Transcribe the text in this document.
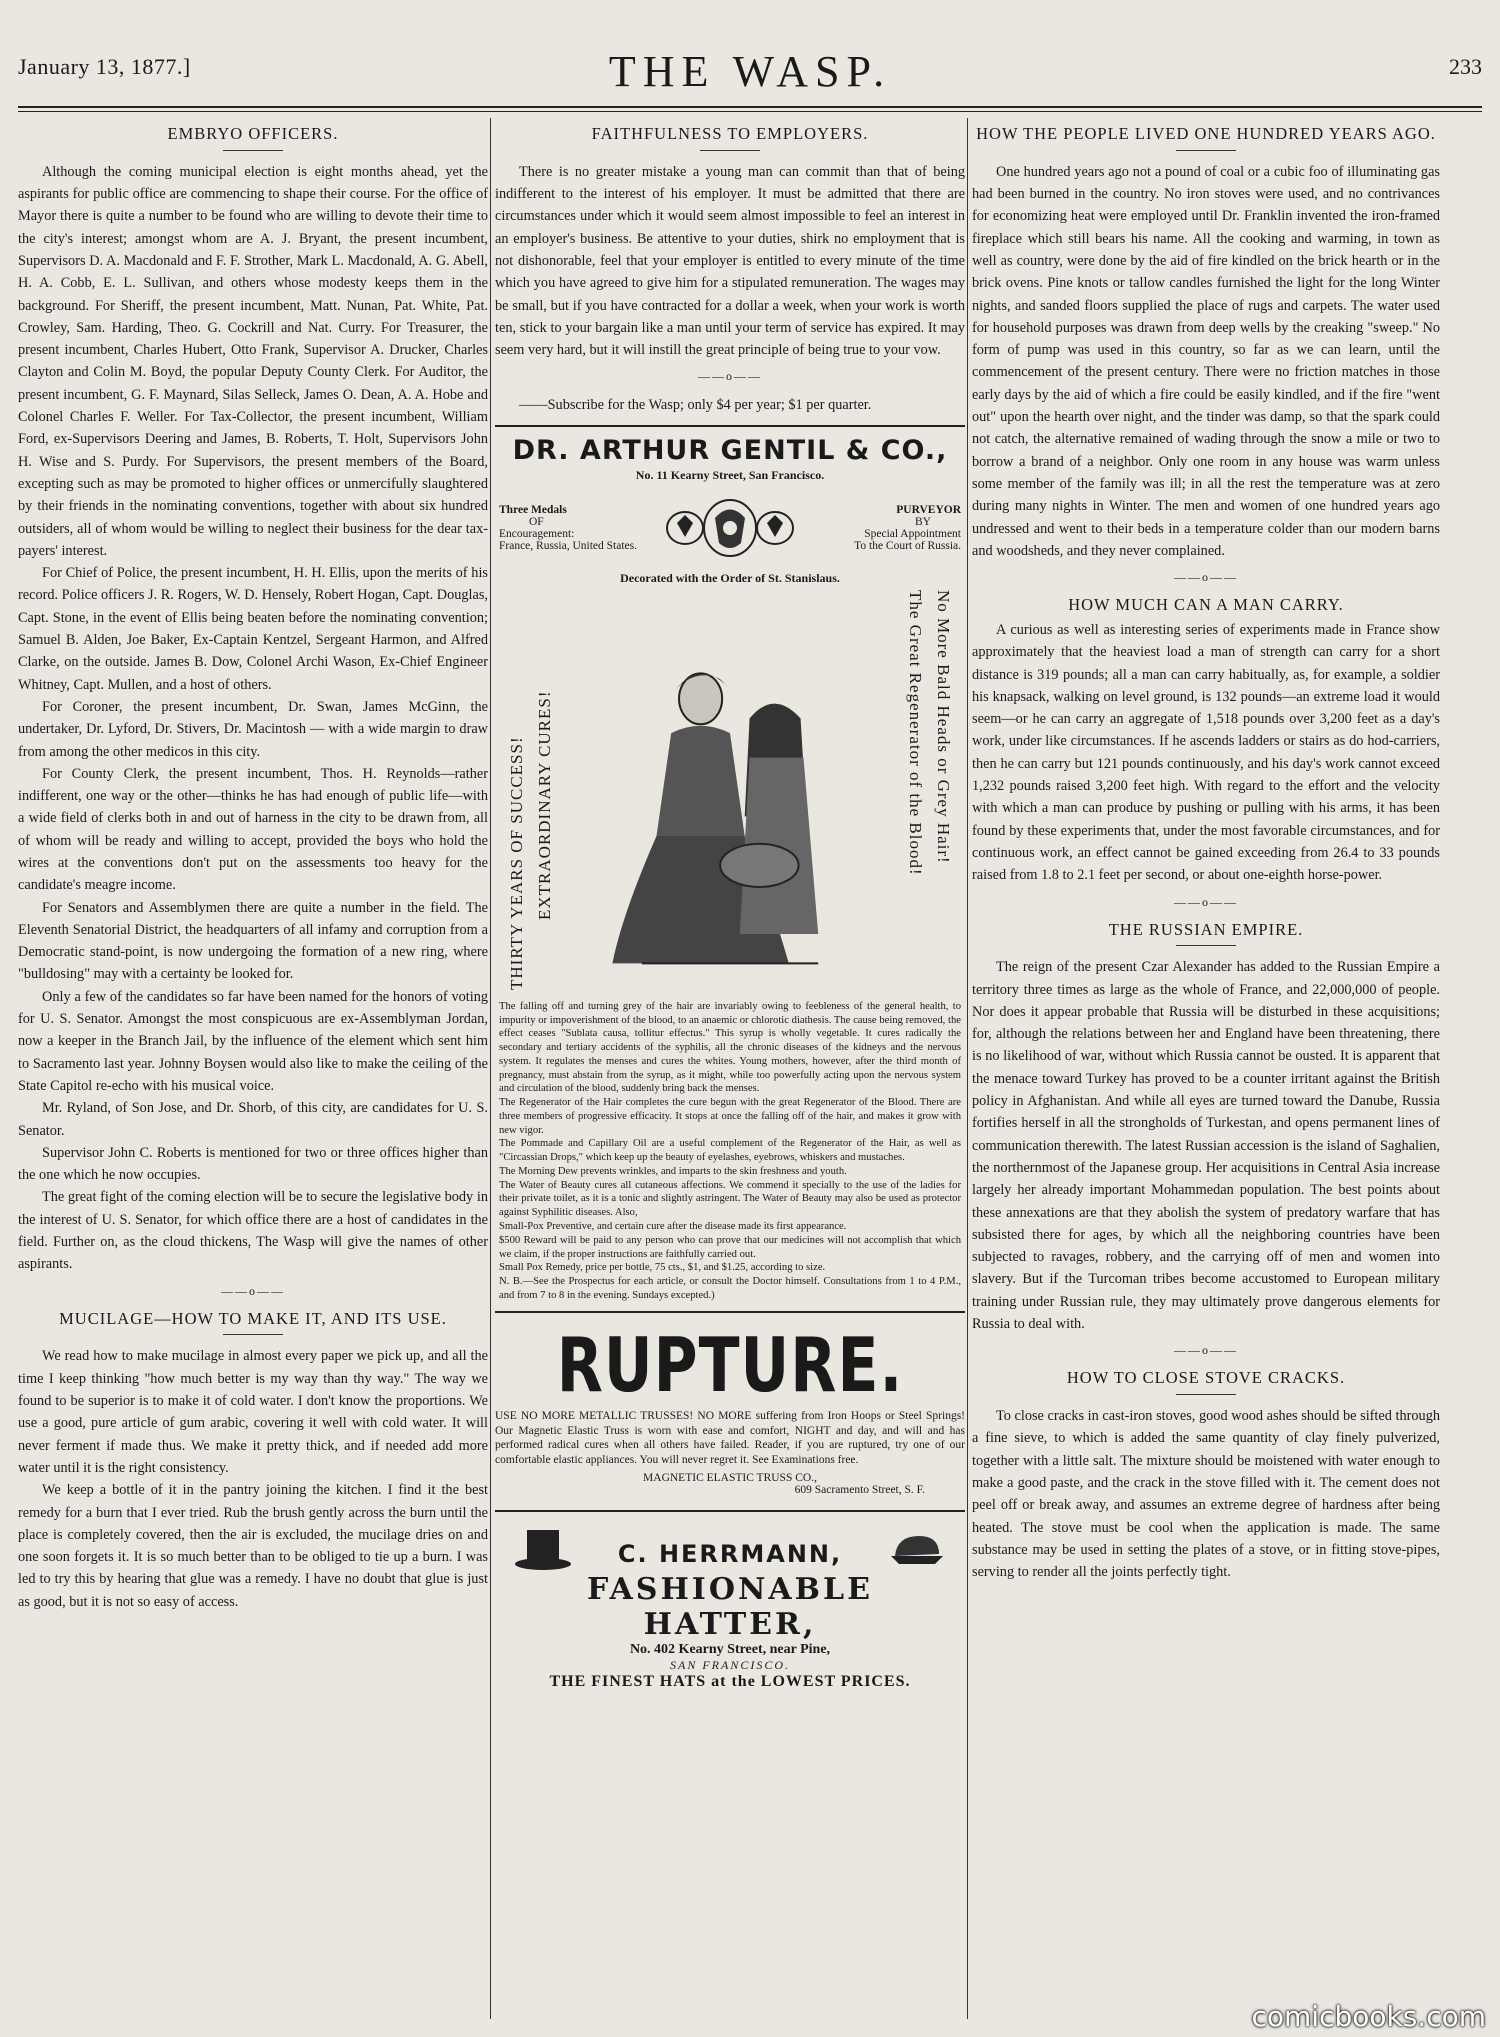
January 13, 1877.]	THE WASP.	233
EMBRYO OFFICERS.

Although the coming municipal election is eight months ahead, yet the aspirants for public office are commencing to shape their course. For the office of Mayor there is quite a number to be found who are willing to devote their time to the city's interest; amongst whom are A. J. Bryant, the present incumbent, Supervisors D. A. Macdonald and F. F. Strother, Mark L. Macdonald, A. G. Abell, H. A. Cobb, E. L. Sullivan, and others whose modesty keeps them in the background. For Sheriff, the present incumbent, Matt. Nunan, Pat. White, Pat. Crowley, Sam. Harding, Theo. G. Cockrill and Nat. Curry. For Treasurer, the present incumbent, Charles Hubert, Otto Frank, Supervisor A. Drucker, Charles Clayton and Colin M. Boyd, the popular Deputy County Clerk. For Auditor, the present incumbent, G. F. Maynard, Silas Selleck, James O. Dean, A. A. Hobe and Colonel Charles F. Weller. For Tax-Collector, the present incumbent, William Ford, ex-Supervisors Deering and James, B. Roberts, T. Holt, Supervisors John H. Wise and S. Purdy. For Supervisors, the present members of the Board, excepting such as may be promoted to higher offices or unmercifully slaughtered by their friends in the nominating conventions, together with about six hundred outsiders, all of whom would be willing to neglect their business for the dear tax-payers' interest.

For Chief of Police, the present incumbent, H. H. Ellis, upon the merits of his record. Police officers J. R. Rogers, W. D. Hensely, Robert Hogan, Capt. Douglas, Capt. Stone, in the event of Ellis being beaten before the nominating convention; Samuel B. Alden, Joe Baker, Ex-Captain Kentzel, Sergeant Harmon, and Alfred Clarke, on the outside. James B. Dow, Colonel Archi Wason, Ex-Chief Engineer Whitney, Capt. Mullen, and a host of others.

For Coroner, the present incumbent, Dr. Swan, James McGinn, the undertaker, Dr. Lyford, Dr. Stivers, Dr. Macintosh — with a wide margin to draw from among the other medicos in this city.

For County Clerk, the present incumbent, Thos. H. Reynolds—rather indifferent, one way or the other—thinks he has had enough of public life—with a wide field of clerks both in and out of harness in the city to be drawn from, all of whom will be ready and willing to accept, provided the boys who hold the wires at the conventions don't put on the assessments too heavy for the candidate's meagre income.

For Senators and Assemblymen there are quite a number in the field. The Eleventh Senatorial District, the headquarters of all infamy and corruption from a Democratic stand-point, is now undergoing the formation of a new ring, where "bulldosing" may with a certainty be looked for.

Only a few of the candidates so far have been named for the honors of voting for U. S. Senator. Amongst the most conspicuous are ex-Assemblyman Jordan, now a keeper in the Branch Jail, by the influence of the element which sent him to Sacramento last year. Johnny Boysen would also like to make the ceiling of the State Capitol re-echo with his musical voice.

Mr. Ryland, of Son Jose, and Dr. Shorb, of this city, are candidates for U. S. Senator.

Supervisor John C. Roberts is mentioned for two or three offices higher than the one which he now occupies.

The great fight of the coming election will be to secure the legislative body in the interest of U. S. Senator, for which office there are a host of candidates in the field. Further on, as the cloud thickens, The Wasp will give the names of other aspirants.

——o——
MUCILAGE—HOW TO MAKE IT, AND ITS USE.

We read how to make mucilage in almost every paper we pick up, and all the time I keep thinking "how much better is my way than thy way." The way we found to be superior is to make it of cold water. I don't know the proportions. We use a good, pure article of gum arabic, covering it well with cold water. It will never ferment if made thus. We make it pretty thick, and if needed add more water until it is the right consistency.

We keep a bottle of it in the pantry joining the kitchen. I find it the best remedy for a burn that I ever tried. Rub the brush gently across the burn until the place is completely covered, then the air is excluded, the mucilage dries on and one soon forgets it. It is so much better than to be obliged to tie up a burn. I was led to try this by hearing that glue was a remedy. I have no doubt that glue is just as good, but it is not so easy of access.

FAITHFULNESS TO EMPLOYERS.

There is no greater mistake a young man can commit than that of being indifferent to the interest of his employer. It must be admitted that there are circumstances under which it would seem almost impossible to feel an interest in an employer's business. Be attentive to your duties, shirk no employment that is not dishonorable, feel that your employer is entitled to every minute of the time which you have agreed to give him for a stipulated remuneration. The wages may be small, but if you have contracted for a dollar a week, when your work is worth ten, stick to your bargain like a man until your term of service has expired. It may seem very hard, but it will instill the great principle of being true to your vow.

——o——

——Subscribe for the Wasp; only $4 per year; $1 per quarter.

DR. ARTHUR GENTIL & CO.,
No. 11 Kearny Street, San Francisco.
Three Medals
OF
Encouragement:
France, Russia, United States.
PURVEYOR
BY
Special Appointment
To the Court of Russia.
Decorated with the Order of St. Stanislaus.
THIRTY YEARS OF SUCCESS! EXTRAORDINARY CURES!	No More Bald Heads or Grey Hair!
The Great Regenerator of the Blood!

The falling off and turning grey of the hair are invariably owing to feebleness of the general health, to impurity or impoverishment of the blood, to an anaemic or chlorotic diathesis. The cause being removed, the effect ceases "Sublata causa, tollitur effectus." This syrup is wholly vegetable. It cures radically the secondary and tertiary accidents of the syphilis, all the chronic diseases of the kidneys and the nervous system. It regulates the menses and cures the whites. Young mothers, however, after the third month of pregnancy, must abstain from the syrup, as it might, while too powerfully acting upon the nervous system and circulation of the blood, suddenly bring back the menses.

The Regenerator of the Hair completes the cure begun with the great Regenerator of the Blood. There are three members of progressive efficacity. It stops at once the falling off of the hair, and makes it grow with new vigor.

The Pommade and Capillary Oil are a useful complement of the Regenerator of the Hair, as well as "Circassian Drops," which keep up the beauty of eyelashes, eyebrows, whiskers and mustaches.

The Morning Dew prevents wrinkles, and imparts to the skin freshness and youth.

The Water of Beauty cures all cutaneous affections. We commend it specially to the use of the ladies for their private toilet, as it is a tonic and slightly astringent. The Water of Beauty may also be used as protector against Syphilitic diseases. Also,

Small-Pox Preventive, and certain cure after the disease made its first appearance.

$500 Reward will be paid to any person who can prove that our medicines will not accomplish that which we claim, if the proper instructions are faithfully carried out.

Small Pox Remedy, price per bottle, 75 cts., $1, and $1.25, according to size.

N. B.—See the Prospectus for each article, or consult the Doctor himself. Consultations from 1 to 4 P.M., and from 7 to 8 in the evening. Sundays excepted.)

RUPTURE.
USE NO MORE METALLIC TRUSSES! NO MORE suffering from Iron Hoops or Steel Springs! Our Magnetic Elastic Truss is worn with ease and comfort, NIGHT and day, and will and has performed radical cures when all others have failed. Reader, if you are ruptured, try one of our comfortable elastic appliances. You will never regret it. See Examinations free.
MAGNETIC ELASTIC TRUSS CO.,
609 Sacramento Street, S. F.
C. HERRMANN,
FASHIONABLE HATTER,
No. 402 Kearny Street, near Pine,
SAN FRANCISCO.
THE FINEST HATS at the LOWEST PRICES.
HOW THE PEOPLE LIVED ONE HUNDRED YEARS AGO.

One hundred years ago not a pound of coal or a cubic foo of illuminating gas had been burned in the country. No iron stoves were used, and no contrivances for economizing heat were employed until Dr. Franklin invented the iron-framed fireplace which still bears his name. All the cooking and warming, in town as well as country, were done by the aid of fire kindled on the brick hearth or in the brick ovens. Pine knots or tallow candles furnished the light for the long Winter nights, and sanded floors supplied the place of rugs and carpets. The water used for household purposes was drawn from deep wells by the creaking "sweep." No form of pump was used in this country, so far as we can learn, until the commencement of the present century. There were no friction matches in those early days by the aid of which a fire could be easily kindled, and if the fire "went out" upon the hearth over night, and the tinder was damp, so that the spark could not catch, the alternative remained of wading through the snow a mile or two to borrow a brand of a neighbor. Only one room in any house was warm unless some member of the family was ill; in all the rest the temperature was at zero during many nights in Winter. The men and women of one hundred years ago undressed and went to their beds in a temperature colder than our modern barns and woodsheds, and they never complained.

——o——
HOW MUCH CAN A MAN CARRY.

A curious as well as interesting series of experiments made in France show approximately that the heaviest load a man of strength can carry for a short distance is 319 pounds; all a man can carry habitually, as, for example, a soldier his knapsack, walking on level ground, is 132 pounds—an extreme load it would seem—or he can carry an aggregate of 1,518 pounds over 3,200 feet as a day's work, under like circumstances. If he ascends ladders or stairs as do hod-carriers, then he can carry but 121 pounds continuously, and his day's work cannot exceed 1,232 pounds raised 3,200 feet high. With regard to the effort and the velocity with which a man can produce by pushing or pulling with his arms, it has been found by these experiments that, under the most favorable circumstances, and for continuous work, an effect cannot be gained exceeding from 26.4 to 33 pounds raised from 1.8 to 2.1 feet per second, or about one-eighth horse-power.

——o——
THE RUSSIAN EMPIRE.

The reign of the present Czar Alexander has added to the Russian Empire a territory three times as large as the whole of France, and 22,000,000 of people. Nor does it appear probable that Russia will be disturbed in these acquisitions; for, although the relations between her and England have been threatening, there is no likelihood of war, without which Russia cannot be ousted. It is apparent that the menace toward Turkey has proved to be a counter irritant against the British policy in Afghanistan. And while all eyes are turned toward the Danube, Russia fortifies herself in all the strongholds of Turkestan, and opens permanent lines of communication therewith. The latest Russian accession is the island of Saghalien, the northernmost of the Japanese group. Her acquisitions in Central Asia increase largely her already important Mohammedan population. The best points about these annexations are that they abolish the system of predatory warfare that has subsisted there for ages, by which all the neighboring countries have been subjected to ravages, robbery, and the carrying off of men and women into slavery. But if the Turcoman tribes become accustomed to European military training under Russian rule, they may ultimately prove dangerous elements for Russia to deal with.

——o——
HOW TO CLOSE STOVE CRACKS.

To close cracks in cast-iron stoves, good wood ashes should be sifted through a fine sieve, to which is added the same quantity of clay finely pulverized, together with a little salt. The mixture should be moistened with water enough to make a good paste, and the crack in the stove filled with it. The cement does not peel off or break away, and assumes an extreme degree of hardness after being heated. The stove must be cool when the application is made. The same substance may be used in setting the plates of a stove, or in fitting stove-pipes, serving to render all the joints perfectly tight.

comicbooks.com
